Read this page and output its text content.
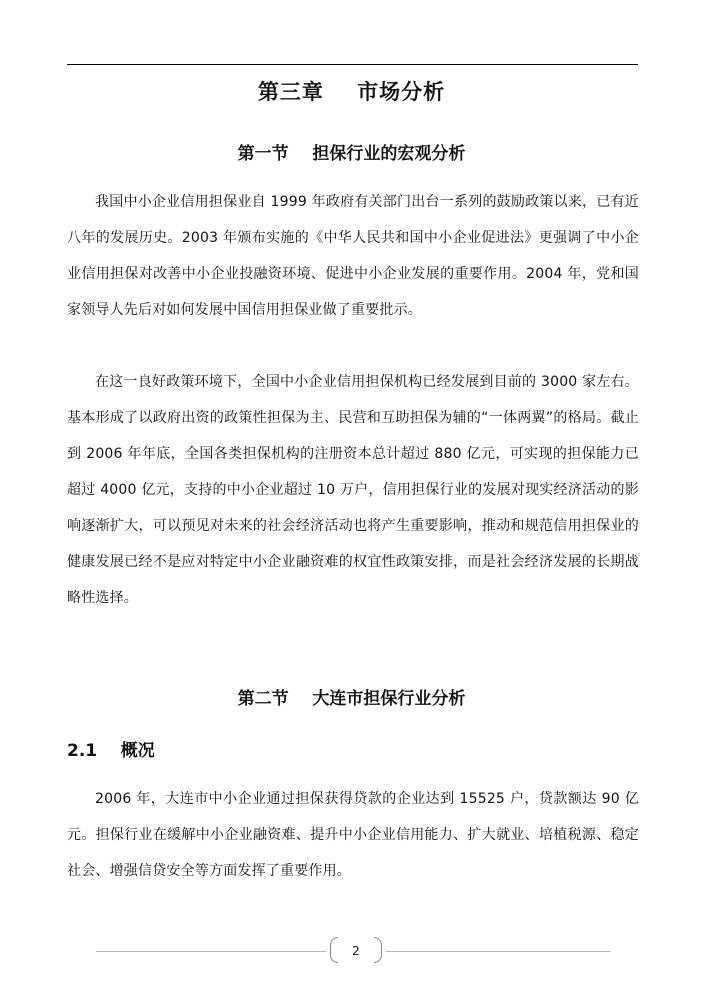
第三章    市场分析
第一节    担保行业的宏观分析

我国中小企业信用担保业自 1999 年政府有关部门出台一系列的鼓励政策以来，已有近八年的发展历史。2003 年颁布实施的《中华人民共和国中小企业促进法》更强调了中小企业信用担保对改善中小企业投融资环境、促进中小企业发展的重要作用。2004 年，党和国家领导人先后对如何发展中国信用担保业做了重要批示。

在这一良好政策环境下，全国中小企业信用担保机构已经发展到目前的 3000 家左右。基本形成了以政府出资的政策性担保为主、民营和互助担保为辅的“一体两翼”的格局。截止到 2006 年年底，全国各类担保机构的注册资本总计超过 880 亿元，可实现的担保能力已超过 4000 亿元，支持的中小企业超过 10 万户，信用担保行业的发展对现实经济活动的影响逐渐扩大，可以预见对未来的社会经济活动也将产生重要影响，推动和规范信用担保业的健康发展已经不是应对特定中小企业融资难的权宜性政策安排，而是社会经济发展的长期战略性选择。

第二节    大连市担保行业分析
2.1    概况

2006 年，大连市中小企业通过担保获得贷款的企业达到 15525 户，贷款额达 90 亿元。担保行业在缓解中小企业融资难、提升中小企业信用能力、扩大就业、培植税源、稳定社会、增强信贷安全等方面发挥了重要作用。

2
